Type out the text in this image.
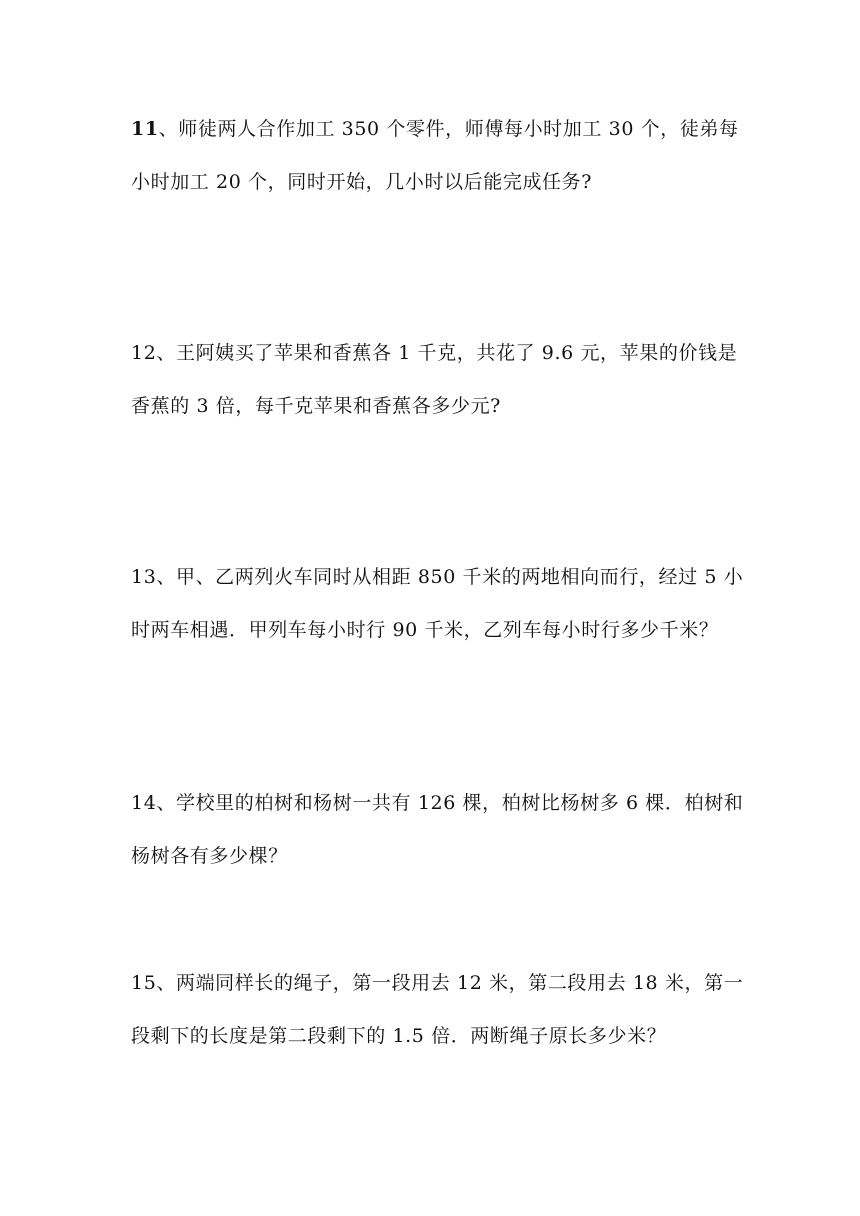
11、师徒两人合作加工 350 个零件，师傅每小时加工 30 个，徒弟每
小时加工 20 个，同时开始，几小时以后能完成任务?
12、王阿姨买了苹果和香蕉各 1 千克，共花了 9.6 元，苹果的价钱是
香蕉的 3 倍，每千克苹果和香蕉各多少元?
13、甲、乙两列火车同时从相距 850 千米的两地相向而行，经过 5 小
时两车相遇．甲列车每小时行 90 千米，乙列车每小时行多少千米？
14、学校里的柏树和杨树一共有 126 棵，柏树比杨树多 6 棵．柏树和
杨树各有多少棵？
15、两端同样长的绳子，第一段用去 12 米，第二段用去 18 米，第一
段剩下的长度是第二段剩下的 1.5 倍．两断绳子原长多少米？
